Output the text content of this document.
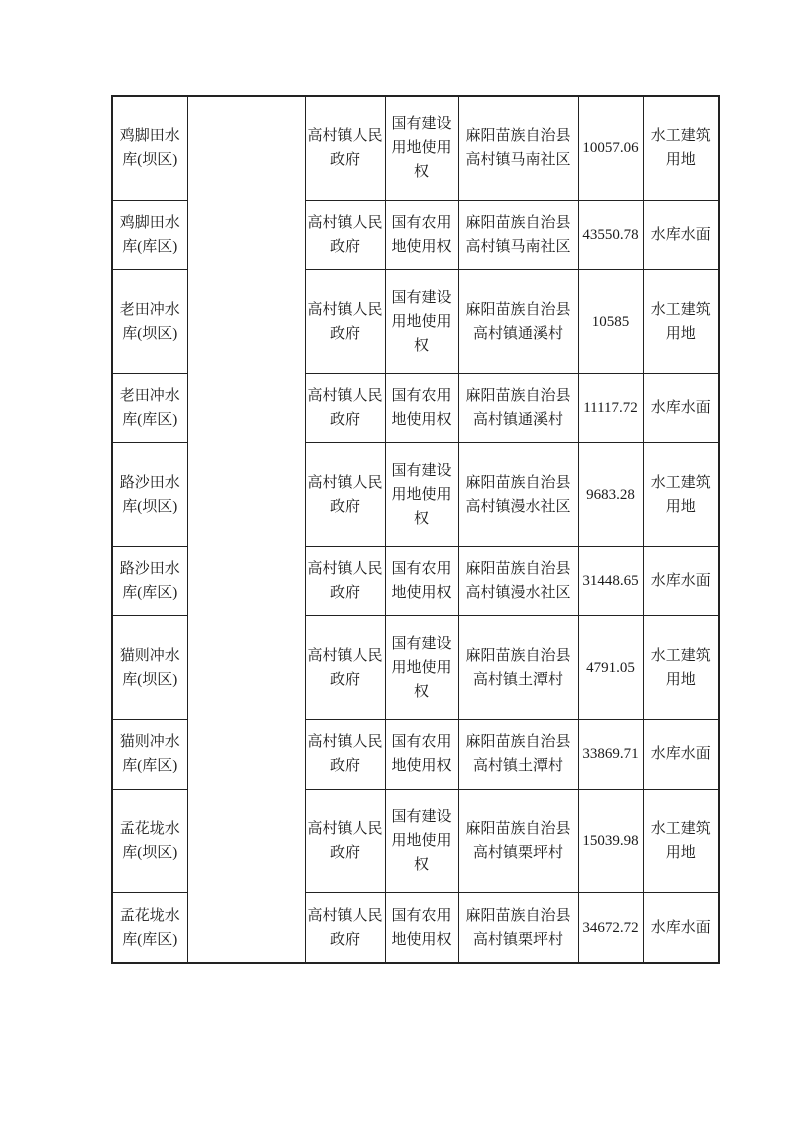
鸡脚田水库(坝区)		高村镇人民政府	国有建设用地使用权	麻阳苗族自治县高村镇马南社区	10057.06	水工建筑用地
鸡脚田水库(库区)		高村镇人民政府	国有农用地使用权	麻阳苗族自治县高村镇马南社区	43550.78	水库水面
老田冲水库(坝区)		高村镇人民政府	国有建设用地使用权	麻阳苗族自治县高村镇通溪村	10585	水工建筑用地
老田冲水库(库区)		高村镇人民政府	国有农用地使用权	麻阳苗族自治县高村镇通溪村	11117.72	水库水面
路沙田水库(坝区)		高村镇人民政府	国有建设用地使用权	麻阳苗族自治县高村镇漫水社区	9683.28	水工建筑用地
路沙田水库(库区)		高村镇人民政府	国有农用地使用权	麻阳苗族自治县高村镇漫水社区	31448.65	水库水面
猫则冲水库(坝区)		高村镇人民政府	国有建设用地使用权	麻阳苗族自治县高村镇土潭村	4791.05	水工建筑用地
猫则冲水库(库区)		高村镇人民政府	国有农用地使用权	麻阳苗族自治县高村镇土潭村	33869.71	水库水面
孟花垅水库(坝区)		高村镇人民政府	国有建设用地使用权	麻阳苗族自治县高村镇栗坪村	15039.98	水工建筑用地
孟花垅水库(库区)		高村镇人民政府	国有农用地使用权	麻阳苗族自治县高村镇栗坪村	34672.72	水库水面
